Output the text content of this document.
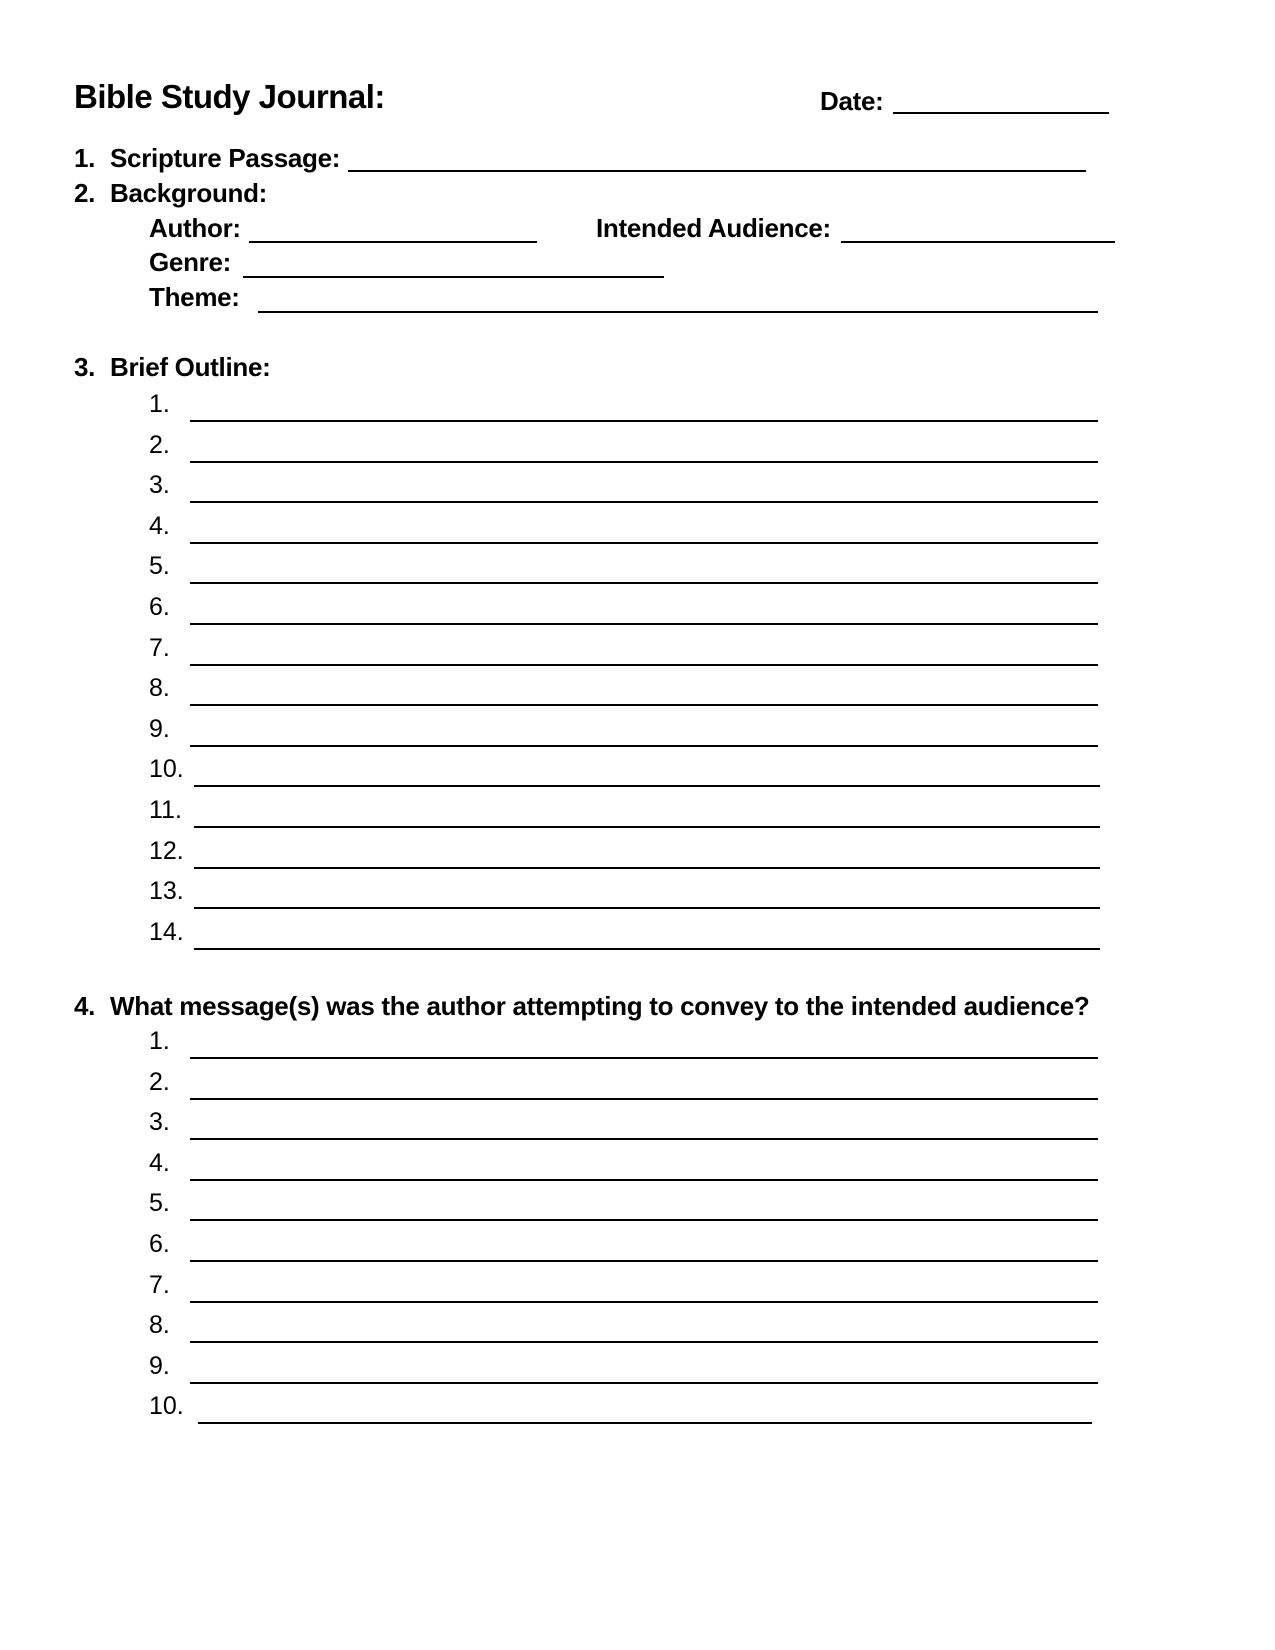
Bible Study Journal:	Date:
1. Scripture Passage:
2. Background:
Author:	Intended Audience:
Genre:
Theme:
3. Brief Outline:
1.
2.
3.
4.
5.
6.
7.
8.
9.
10.
11.
12.
13.
14.
4. What message(s) was the author attempting to convey to the intended audience?
1.
2.
3.
4.
5.
6.
7.
8.
9.
10.
